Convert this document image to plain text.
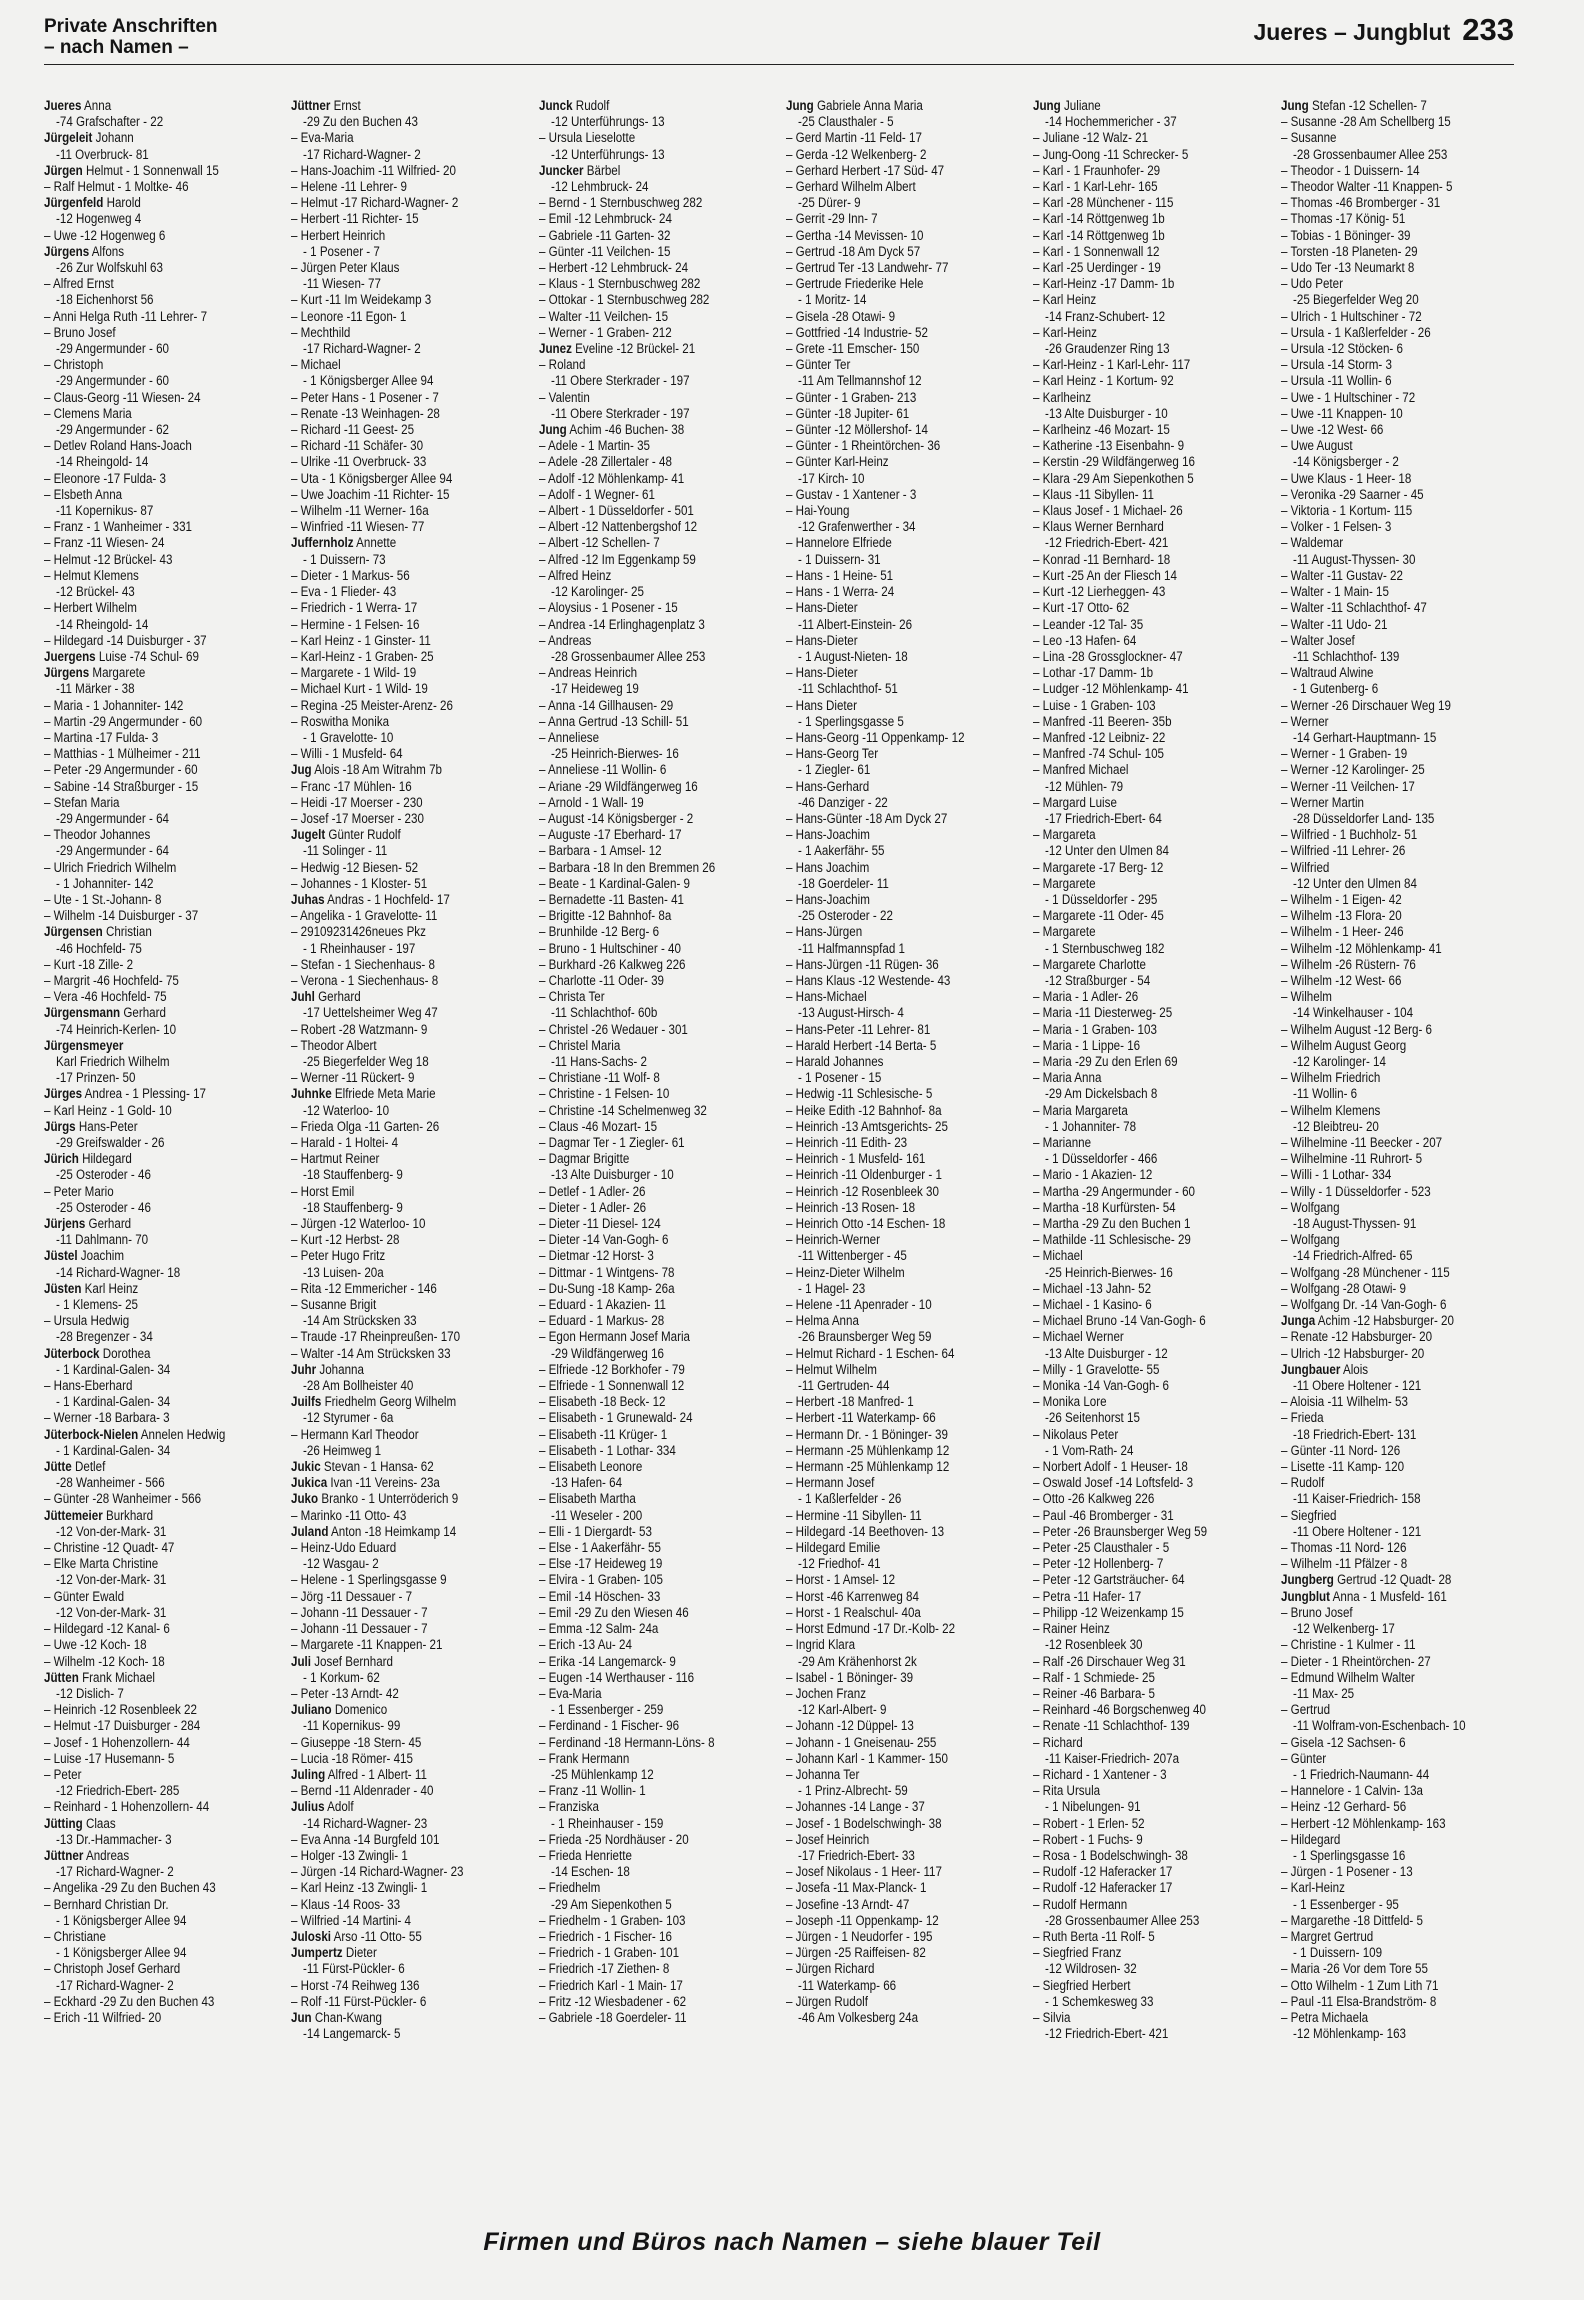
Private Anschriften
– nach Namen –
Jueres – Jungblut 233
Jueres Anna
-74 Grafschafter - 22
Jürgeleit Johann
-11 Overbruck- 81
Jürgen Helmut - 1 Sonnenwall 15
– Ralf Helmut - 1 Moltke- 46
Jürgenfeld Harold
-12 Hogenweg 4
– Uwe -12 Hogenweg 6
Jürgens Alfons
-26 Zur Wolfskuhl 63
– Alfred Ernst
-18 Eichenhorst 56
– Anni Helga Ruth -11 Lehrer- 7
– Bruno Josef
-29 Angermunder - 60
– Christoph
-29 Angermunder - 60
– Claus-Georg -11 Wiesen- 24
– Clemens Maria
-29 Angermunder - 62
– Detlev Roland Hans-Joach
-14 Rheingold- 14
– Eleonore -17 Fulda- 3
– Elsbeth Anna
-11 Kopernikus- 87
– Franz - 1 Wanheimer - 331
– Franz -11 Wiesen- 24
– Helmut -12 Brückel- 43
– Helmut Klemens
-12 Brückel- 43
– Herbert Wilhelm
-14 Rheingold- 14
– Hildegard -14 Duisburger - 37
Juergens Luise -74 Schul- 69
Jürgens Margarete
-11 Märker - 38
– Maria - 1 Johanniter- 142
– Martin -29 Angermunder - 60
– Martina -17 Fulda- 3
– Matthias - 1 Mülheimer - 211
– Peter -29 Angermunder - 60
– Sabine -14 Straßburger - 15
– Stefan Maria
-29 Angermunder - 64
– Theodor Johannes
-29 Angermunder - 64
– Ulrich Friedrich Wilhelm
- 1 Johanniter- 142
– Ute - 1 St.-Johann- 8
– Wilhelm -14 Duisburger - 37
Jürgensen Christian
-46 Hochfeld- 75
– Kurt -18 Zille- 2
– Margrit -46 Hochfeld- 75
– Vera -46 Hochfeld- 75
Jürgensmann Gerhard
-74 Heinrich-Kerlen- 10
Jürgensmeyer
Karl Friedrich Wilhelm
-17 Prinzen- 50
Jürges Andrea - 1 Plessing- 17
– Karl Heinz - 1 Gold- 10
Jürgs Hans-Peter
-29 Greifswalder - 26
Jürich Hildegard
-25 Osteroder - 46
– Peter Mario
-25 Osteroder - 46
Jürjens Gerhard
-11 Dahlmann- 70
Jüstel Joachim
-14 Richard-Wagner- 18
Jüsten Karl Heinz
- 1 Klemens- 25
– Ursula Hedwig
-28 Bregenzer - 34
Jüterbock Dorothea
- 1 Kardinal-Galen- 34
– Hans-Eberhard
- 1 Kardinal-Galen- 34
– Werner -18 Barbara- 3
Jüterbock-Nielen Annelen Hedwig
- 1 Kardinal-Galen- 34
Jütte Detlef
-28 Wanheimer - 566
– Günter -28 Wanheimer - 566
Jüttemeier Burkhard
-12 Von-der-Mark- 31
– Christine -12 Quadt- 47
– Elke Marta Christine
-12 Von-der-Mark- 31
– Günter Ewald
-12 Von-der-Mark- 31
– Hildegard -12 Kanal- 6
– Uwe -12 Koch- 18
– Wilhelm -12 Koch- 18
Jütten Frank Michael
-12 Dislich- 7
– Heinrich -12 Rosenbleek 22
– Helmut -17 Duisburger - 284
– Josef - 1 Hohenzollern- 44
– Luise -17 Husemann- 5
– Peter
-12 Friedrich-Ebert- 285
– Reinhard - 1 Hohenzollern- 44
Jütting Claas
-13 Dr.-Hammacher- 3
Jüttner Andreas
-17 Richard-Wagner- 2
– Angelika -29 Zu den Buchen 43
– Bernhard Christian Dr.
- 1 Königsberger Allee 94
– Christiane
- 1 Königsberger Allee 94
– Christoph Josef Gerhard
-17 Richard-Wagner- 2
– Eckhard -29 Zu den Buchen 43
– Erich -11 Wilfried- 20
Jüttner Ernst
-29 Zu den Buchen 43
– Eva-Maria
-17 Richard-Wagner- 2
– Hans-Joachim -11 Wilfried- 20
– Helene -11 Lehrer- 9
– Helmut -17 Richard-Wagner- 2
– Herbert -11 Richter- 15
– Herbert Heinrich
- 1 Posener - 7
– Jürgen Peter Klaus
-11 Wiesen- 77
– Kurt -11 Im Weidekamp 3
– Leonore -11 Egon- 1
– Mechthild
-17 Richard-Wagner- 2
– Michael
- 1 Königsberger Allee 94
– Peter Hans - 1 Posener - 7
– Renate -13 Weinhagen- 28
– Richard -11 Geest- 25
– Richard -11 Schäfer- 30
– Ulrike -11 Overbruck- 33
– Uta - 1 Königsberger Allee 94
– Uwe Joachim -11 Richter- 15
– Wilhelm -11 Werner- 16a
– Winfried -11 Wiesen- 77
Juffernholz Annette
- 1 Duissern- 73
– Dieter - 1 Markus- 56
– Eva - 1 Flieder- 43
– Friedrich - 1 Werra- 17
– Hermine - 1 Felsen- 16
– Karl Heinz - 1 Ginster- 11
– Karl-Heinz - 1 Graben- 25
– Margarete - 1 Wild- 19
– Michael Kurt - 1 Wild- 19
– Regina -25 Meister-Arenz- 26
– Roswitha Monika
- 1 Gravelotte- 10
– Willi - 1 Musfeld- 64
Jug Alois -18 Am Witrahm 7b
– Franc -17 Mühlen- 16
– Heidi -17 Moerser - 230
– Josef -17 Moerser - 230
Jugelt Günter Rudolf
-11 Solinger - 11
– Hedwig -12 Biesen- 52
– Johannes - 1 Kloster- 51
Juhas Andras - 1 Hochfeld- 17
– Angelika - 1 Gravelotte- 11
– 29109231426neues Pkz
- 1 Rheinhauser - 197
– Stefan - 1 Siechenhaus- 8
– Verona - 1 Siechenhaus- 8
Juhl Gerhard
-17 Uettelsheimer Weg 47
– Robert -28 Watzmann- 9
– Theodor Albert
-25 Biegerfelder Weg 18
– Werner -11 Rückert- 9
Juhnke Elfriede Meta Marie
-12 Waterloo- 10
– Frieda Olga -11 Garten- 26
– Harald - 1 Holtei- 4
– Hartmut Reiner
-18 Stauffenberg- 9
– Horst Emil
-18 Stauffenberg- 9
– Jürgen -12 Waterloo- 10
– Kurt -12 Herbst- 28
– Peter Hugo Fritz
-13 Luisen- 20a
– Rita -12 Emmericher - 146
– Susanne Brigit
-14 Am Strücksken 33
– Traude -17 Rheinpreußen- 170
– Walter -14 Am Strücksken 33
Juhr Johanna
-28 Am Bollheister 40
Juilfs Friedhelm Georg Wilhelm
-12 Styrumer - 6a
– Hermann Karl Theodor
-26 Heimweg 1
Jukic Stevan - 1 Hansa- 62
Jukica Ivan -11 Vereins- 23a
Juko Branko - 1 Unterröderich 9
– Marinko -11 Otto- 43
Juland Anton -18 Heimkamp 14
– Heinz-Udo Eduard
-12 Wasgau- 2
– Helene - 1 Sperlingsgasse 9
– Jörg -11 Dessauer - 7
– Johann -11 Dessauer - 7
– Johann -11 Dessauer - 7
– Margarete -11 Knappen- 21
Juli Josef Bernhard
- 1 Korkum- 62
– Peter -13 Arndt- 42
Juliano Domenico
-11 Kopernikus- 99
– Giuseppe -18 Stern- 45
– Lucia -18 Römer- 415
Juling Alfred - 1 Albert- 11
– Bernd -11 Aldenrader - 40
Julius Adolf
-14 Richard-Wagner- 23
– Eva Anna -14 Burgfeld 101
– Holger -13 Zwingli- 1
– Jürgen -14 Richard-Wagner- 23
– Karl Heinz -13 Zwingli- 1
– Klaus -14 Roos- 33
– Wilfried -14 Martini- 4
Juloski Arso -11 Otto- 55
Jumpertz Dieter
-11 Fürst-Pückler- 6
– Horst -74 Reihweg 136
– Rolf -11 Fürst-Pückler- 6
Jun Chan-Kwang
-14 Langemarck- 5
Junck Rudolf
-12 Unterführungs- 13
– Ursula Lieselotte
-12 Unterführungs- 13
Juncker Bärbel
-12 Lehmbruck- 24
– Bernd - 1 Sternbuschweg 282
– Emil -12 Lehmbruck- 24
– Gabriele -11 Garten- 32
– Günter -11 Veilchen- 15
– Herbert -12 Lehmbruck- 24
– Klaus - 1 Sternbuschweg 282
– Ottokar - 1 Sternbuschweg 282
– Walter -11 Veilchen- 15
– Werner - 1 Graben- 212
Junez Eveline -12 Brückel- 21
– Roland
-11 Obere Sterkrader - 197
– Valentin
-11 Obere Sterkrader - 197
Jung Achim -46 Buchen- 38
– Adele - 1 Martin- 35
– Adele -28 Zillertaler - 48
– Adolf -12 Möhlenkamp- 41
– Adolf - 1 Wegner- 61
– Albert - 1 Düsseldorfer - 501
– Albert -12 Nattenbergshof 12
– Albert -12 Schellen- 7
– Alfred -12 Im Eggenkamp 59
– Alfred Heinz
-12 Karolinger- 25
– Aloysius - 1 Posener - 15
– Andrea -14 Erlinghagenplatz 3
– Andreas
-28 Grossenbaumer Allee 253
– Andreas Heinrich
-17 Heideweg 19
– Anna -14 Gillhausen- 29
– Anna Gertrud -13 Schill- 51
– Anneliese
-25 Heinrich-Bierwes- 16
– Anneliese -11 Wollin- 6
– Ariane -29 Wildfängerweg 16
– Arnold - 1 Wall- 19
– August -14 Königsberger - 2
– Auguste -17 Eberhard- 17
– Barbara - 1 Amsel- 12
– Barbara -18 In den Bremmen 26
– Beate - 1 Kardinal-Galen- 9
– Bernadette -11 Basten- 41
– Brigitte -12 Bahnhof- 8a
– Brunhilde -12 Berg- 6
– Bruno - 1 Hultschiner - 40
– Burkhard -26 Kalkweg 226
– Charlotte -11 Oder- 39
– Christa Ter
-11 Schlachthof- 60b
– Christel -26 Wedauer - 301
– Christel Maria
-11 Hans-Sachs- 2
– Christiane -11 Wolf- 8
– Christine - 1 Felsen- 10
– Christine -14 Schelmenweg 32
– Claus -46 Mozart- 15
– Dagmar Ter - 1 Ziegler- 61
– Dagmar Brigitte
-13 Alte Duisburger - 10
– Detlef - 1 Adler- 26
– Dieter - 1 Adler- 26
– Dieter -11 Diesel- 124
– Dieter -14 Van-Gogh- 6
– Dietmar -12 Horst- 3
– Dittmar - 1 Wintgens- 78
– Du-Sung -18 Kamp- 26a
– Eduard - 1 Akazien- 11
– Eduard - 1 Markus- 28
– Egon Hermann Josef Maria
-29 Wildfängerweg 16
– Elfriede -12 Borkhofer - 79
– Elfriede - 1 Sonnenwall 12
– Elisabeth -18 Beck- 12
– Elisabeth - 1 Grunewald- 24
– Elisabeth -11 Krüger- 1
– Elisabeth - 1 Lothar- 334
– Elisabeth Leonore
-13 Hafen- 64
– Elisabeth Martha
-11 Weseler - 200
– Elli - 1 Diergardt- 53
– Else - 1 Aakerfähr- 55
– Else -17 Heideweg 19
– Elvira - 1 Graben- 105
– Emil -14 Höschen- 33
– Emil -29 Zu den Wiesen 46
– Emma -12 Salm- 24a
– Erich -13 Au- 24
– Erika -14 Langemarck- 9
– Eugen -14 Werthauser - 116
– Eva-Maria
- 1 Essenberger - 259
– Ferdinand - 1 Fischer- 96
– Ferdinand -18 Hermann-Löns- 8
– Frank Hermann
-25 Mühlenkamp 12
– Franz -11 Wollin- 1
– Franziska
- 1 Rheinhauser - 159
– Frieda -25 Nordhäuser - 20
– Frieda Henriette
-14 Eschen- 18
– Friedhelm
-29 Am Siepenkothen 5
– Friedhelm - 1 Graben- 103
– Friedrich - 1 Fischer- 16
– Friedrich - 1 Graben- 101
– Friedrich -17 Ziethen- 8
– Friedrich Karl - 1 Main- 17
– Fritz -12 Wiesbadener - 62
– Gabriele -18 Goerdeler- 11
Jung Gabriele Anna Maria
-25 Clausthaler - 5
– Gerd Martin -11 Feld- 17
– Gerda -12 Welkenberg- 2
– Gerhard Herbert -17 Süd- 47
– Gerhard Wilhelm Albert
-25 Dürer- 9
– Gerrit -29 Inn- 7
– Gertha -14 Mevissen- 10
– Gertrud -18 Am Dyck 57
– Gertrud Ter -13 Landwehr- 77
– Gertrude Friederike Hele
- 1 Moritz- 14
– Gisela -28 Otawi- 9
– Gottfried -14 Industrie- 52
– Grete -11 Emscher- 150
– Günter Ter
-11 Am Tellmannshof 12
– Günter - 1 Graben- 213
– Günter -18 Jupiter- 61
– Günter -12 Möllershof- 14
– Günter - 1 Rheintörchen- 36
– Günter Karl-Heinz
-17 Kirch- 10
– Gustav - 1 Xantener - 3
– Hai-Young
-12 Grafenwerther - 34
– Hannelore Elfriede
- 1 Duissern- 31
– Hans - 1 Heine- 51
– Hans - 1 Werra- 24
– Hans-Dieter
-11 Albert-Einstein- 26
– Hans-Dieter
- 1 August-Nieten- 18
– Hans-Dieter
-11 Schlachthof- 51
– Hans Dieter
- 1 Sperlingsgasse 5
– Hans-Georg -11 Oppenkamp- 12
– Hans-Georg Ter
- 1 Ziegler- 61
– Hans-Gerhard
-46 Danziger - 22
– Hans-Günter -18 Am Dyck 27
– Hans-Joachim
- 1 Aakerfähr- 55
– Hans Joachim
-18 Goerdeler- 11
– Hans-Joachim
-25 Osteroder - 22
– Hans-Jürgen
-11 Halfmannspfad 1
– Hans-Jürgen -11 Rügen- 36
– Hans Klaus -12 Westende- 43
– Hans-Michael
-13 August-Hirsch- 4
– Hans-Peter -11 Lehrer- 81
– Harald Herbert -14 Berta- 5
– Harald Johannes
- 1 Posener - 15
– Hedwig -11 Schlesische- 5
– Heike Edith -12 Bahnhof- 8a
– Heinrich -13 Amtsgerichts- 25
– Heinrich -11 Edith- 23
– Heinrich - 1 Musfeld- 161
– Heinrich -11 Oldenburger - 1
– Heinrich -12 Rosenbleek 30
– Heinrich -13 Rosen- 18
– Heinrich Otto -14 Eschen- 18
– Heinrich-Werner
-11 Wittenberger - 45
– Heinz-Dieter Wilhelm
- 1 Hagel- 23
– Helene -11 Apenrader - 10
– Helma Anna
-26 Braunsberger Weg 59
– Helmut Richard - 1 Eschen- 64
– Helmut Wilhelm
-11 Gertruden- 44
– Herbert -18 Manfred- 1
– Herbert -11 Waterkamp- 66
– Hermann Dr. - 1 Böninger- 39
– Hermann -25 Mühlenkamp 12
– Hermann -25 Mühlenkamp 12
– Hermann Josef
- 1 Kaßlerfelder - 26
– Hermine -11 Sibyllen- 11
– Hildegard -14 Beethoven- 13
– Hildegard Emilie
-12 Friedhof- 41
– Horst - 1 Amsel- 12
– Horst -46 Karrenweg 84
– Horst - 1 Realschul- 40a
– Horst Edmund -17 Dr.-Kolb- 22
– Ingrid Klara
-29 Am Krähenhorst 2k
– Isabel - 1 Böninger- 39
– Jochen Franz
-12 Karl-Albert- 9
– Johann -12 Düppel- 13
– Johann - 1 Gneisenau- 255
– Johann Karl - 1 Kammer- 150
– Johanna Ter
- 1 Prinz-Albrecht- 59
– Johannes -14 Lange - 37
– Josef - 1 Bodelschwingh- 38
– Josef Heinrich
-17 Friedrich-Ebert- 33
– Josef Nikolaus - 1 Heer- 117
– Josefa -11 Max-Planck- 1
– Josefine -13 Arndt- 47
– Joseph -11 Oppenkamp- 12
– Jürgen - 1 Neudorfer - 195
– Jürgen -25 Raiffeisen- 82
– Jürgen Richard
-11 Waterkamp- 66
– Jürgen Rudolf
-46 Am Volkesberg 24a
Jung Juliane
-14 Hochemmericher - 37
– Juliane -12 Walz- 21
– Jung-Oong -11 Schrecker- 5
– Karl - 1 Fraunhofer- 29
– Karl - 1 Karl-Lehr- 165
– Karl -28 Münchener - 115
– Karl -14 Röttgenweg 1b
– Karl -14 Röttgenweg 1b
– Karl - 1 Sonnenwall 12
– Karl -25 Uerdinger - 19
– Karl-Heinz -17 Damm- 1b
– Karl Heinz
-14 Franz-Schubert- 12
– Karl-Heinz
-26 Graudenzer Ring 13
– Karl-Heinz - 1 Karl-Lehr- 117
– Karl Heinz - 1 Kortum- 92
– Karlheinz
-13 Alte Duisburger - 10
– Karlheinz -46 Mozart- 15
– Katherine -13 Eisenbahn- 9
– Kerstin -29 Wildfängerweg 16
– Klara -29 Am Siepenkothen 5
– Klaus -11 Sibyllen- 11
– Klaus Josef - 1 Michael- 26
– Klaus Werner Bernhard
-12 Friedrich-Ebert- 421
– Konrad -11 Bernhard- 18
– Kurt -25 An der Fliesch 14
– Kurt -12 Lierheggen- 43
– Kurt -17 Otto- 62
– Leander -12 Tal- 35
– Leo -13 Hafen- 64
– Lina -28 Grossglockner- 47
– Lothar -17 Damm- 1b
– Ludger -12 Möhlenkamp- 41
– Luise - 1 Graben- 103
– Manfred -11 Beeren- 35b
– Manfred -12 Leibniz- 22
– Manfred -74 Schul- 105
– Manfred Michael
-12 Mühlen- 79
– Margard Luise
-17 Friedrich-Ebert- 64
– Margareta
-12 Unter den Ulmen 84
– Margarete -17 Berg- 12
– Margarete
- 1 Düsseldorfer - 295
– Margarete -11 Oder- 45
– Margarete
- 1 Sternbuschweg 182
– Margarete Charlotte
-12 Straßburger - 54
– Maria - 1 Adler- 26
– Maria -11 Diesterweg- 25
– Maria - 1 Graben- 103
– Maria - 1 Lippe- 16
– Maria -29 Zu den Erlen 69
– Maria Anna
-29 Am Dickelsbach 8
– Maria Margareta
- 1 Johanniter- 78
– Marianne
- 1 Düsseldorfer - 466
– Mario - 1 Akazien- 12
– Martha -29 Angermunder - 60
– Martha -18 Kurfürsten- 54
– Martha -29 Zu den Buchen 1
– Mathilde -11 Schlesische- 29
– Michael
-25 Heinrich-Bierwes- 16
– Michael -13 Jahn- 52
– Michael - 1 Kasino- 6
– Michael Bruno -14 Van-Gogh- 6
– Michael Werner
-13 Alte Duisburger - 12
– Milly - 1 Gravelotte- 55
– Monika -14 Van-Gogh- 6
– Monika Lore
-26 Seitenhorst 15
– Nikolaus Peter
- 1 Vom-Rath- 24
– Norbert Adolf - 1 Heuser- 18
– Oswald Josef -14 Loftsfeld- 3
– Otto -26 Kalkweg 226
– Paul -46 Bromberger - 31
– Peter -26 Braunsberger Weg 59
– Peter -25 Clausthaler - 5
– Peter -12 Hollenberg- 7
– Peter -12 Gartsträucher- 64
– Petra -11 Hafer- 17
– Philipp -12 Weizenkamp 15
– Rainer Heinz
-12 Rosenbleek 30
– Ralf -26 Dirschauer Weg 31
– Ralf - 1 Schmiede- 25
– Reiner -46 Barbara- 5
– Reinhard -46 Borgschenweg 40
– Renate -11 Schlachthof- 139
– Richard
-11 Kaiser-Friedrich- 207a
– Richard - 1 Xantener - 3
– Rita Ursula
- 1 Nibelungen- 91
– Robert - 1 Erlen- 52
– Robert - 1 Fuchs- 9
– Rosa - 1 Bodelschwingh- 38
– Rudolf -12 Haferacker 17
– Rudolf -12 Haferacker 17
– Rudolf Hermann
-28 Grossenbaumer Allee 253
– Ruth Berta -11 Rolf- 5
– Siegfried Franz
-12 Wildrosen- 32
– Siegfried Herbert
- 1 Schemkesweg 33
– Silvia
-12 Friedrich-Ebert- 421
Jung Stefan -12 Schellen- 7
– Susanne -28 Am Schellberg 15
– Susanne
-28 Grossenbaumer Allee 253
– Theodor - 1 Duissern- 14
– Theodor Walter -11 Knappen- 5
– Thomas -46 Bromberger - 31
– Thomas -17 König- 51
– Tobias - 1 Böninger- 39
– Torsten -18 Planeten- 29
– Udo Ter -13 Neumarkt 8
– Udo Peter
-25 Biegerfelder Weg 20
– Ulrich - 1 Hultschiner - 72
– Ursula - 1 Kaßlerfelder - 26
– Ursula -12 Stöcken- 6
– Ursula -14 Storm- 3
– Ursula -11 Wollin- 6
– Uwe - 1 Hultschiner - 72
– Uwe -11 Knappen- 10
– Uwe -12 West- 66
– Uwe August
-14 Königsberger - 2
– Uwe Klaus - 1 Heer- 18
– Veronika -29 Saarner - 45
– Viktoria - 1 Kortum- 115
– Volker - 1 Felsen- 3
– Waldemar
-11 August-Thyssen- 30
– Walter -11 Gustav- 22
– Walter - 1 Main- 15
– Walter -11 Schlachthof- 47
– Walter -11 Udo- 21
– Walter Josef
-11 Schlachthof- 139
– Waltraud Alwine
- 1 Gutenberg- 6
– Werner -26 Dirschauer Weg 19
– Werner
-14 Gerhart-Hauptmann- 15
– Werner - 1 Graben- 19
– Werner -12 Karolinger- 25
– Werner -11 Veilchen- 17
– Werner Martin
-28 Düsseldorfer Land- 135
– Wilfried - 1 Buchholz- 51
– Wilfried -11 Lehrer- 26
– Wilfried
-12 Unter den Ulmen 84
– Wilhelm - 1 Eigen- 42
– Wilhelm -13 Flora- 20
– Wilhelm - 1 Heer- 246
– Wilhelm -12 Möhlenkamp- 41
– Wilhelm -26 Rüstern- 76
– Wilhelm -12 West- 66
– Wilhelm
-14 Winkelhauser - 104
– Wilhelm August -12 Berg- 6
– Wilhelm August Georg
-12 Karolinger- 14
– Wilhelm Friedrich
-11 Wollin- 6
– Wilhelm Klemens
-12 Bleibtreu- 20
– Wilhelmine -11 Beecker - 207
– Wilhelmine -11 Ruhrort- 5
– Willi - 1 Lothar- 334
– Willy - 1 Düsseldorfer - 523
– Wolfgang
-18 August-Thyssen- 91
– Wolfgang
-14 Friedrich-Alfred- 65
– Wolfgang -28 Münchener - 115
– Wolfgang -28 Otawi- 9
– Wolfgang Dr. -14 Van-Gogh- 6
Junga Achim -12 Habsburger- 20
– Renate -12 Habsburger- 20
– Ulrich -12 Habsburger- 20
Jungbauer Alois
-11 Obere Holtener - 121
– Aloisia -11 Wilhelm- 53
– Frieda
-18 Friedrich-Ebert- 131
– Günter -11 Nord- 126
– Lisette -11 Kamp- 120
– Rudolf
-11 Kaiser-Friedrich- 158
– Siegfried
-11 Obere Holtener - 121
– Thomas -11 Nord- 126
– Wilhelm -11 Pfälzer - 8
Jungberg Gertrud -12 Quadt- 28
Jungblut Anna - 1 Musfeld- 161
– Bruno Josef
-12 Welkenberg- 17
– Christine - 1 Kulmer - 11
– Dieter - 1 Rheintörchen- 27
– Edmund Wilhelm Walter
-11 Max- 25
– Gertrud
-11 Wolfram-von-Eschenbach- 10
– Gisela -12 Sachsen- 6
– Günter
- 1 Friedrich-Naumann- 44
– Hannelore - 1 Calvin- 13a
– Heinz -12 Gerhard- 56
– Herbert -12 Möhlenkamp- 163
– Hildegard
- 1 Sperlingsgasse 16
– Jürgen - 1 Posener - 13
– Karl-Heinz
- 1 Essenberger - 95
– Margarethe -18 Dittfeld- 5
– Margret Gertrud
- 1 Duissern- 109
– Maria -26 Vor dem Tore 55
– Otto Wilhelm - 1 Zum Lith 71
– Paul -11 Elsa-Brandström- 8
– Petra Michaela
-12 Möhlenkamp- 163
Firmen und Büros nach Namen – siehe blauer Teil
